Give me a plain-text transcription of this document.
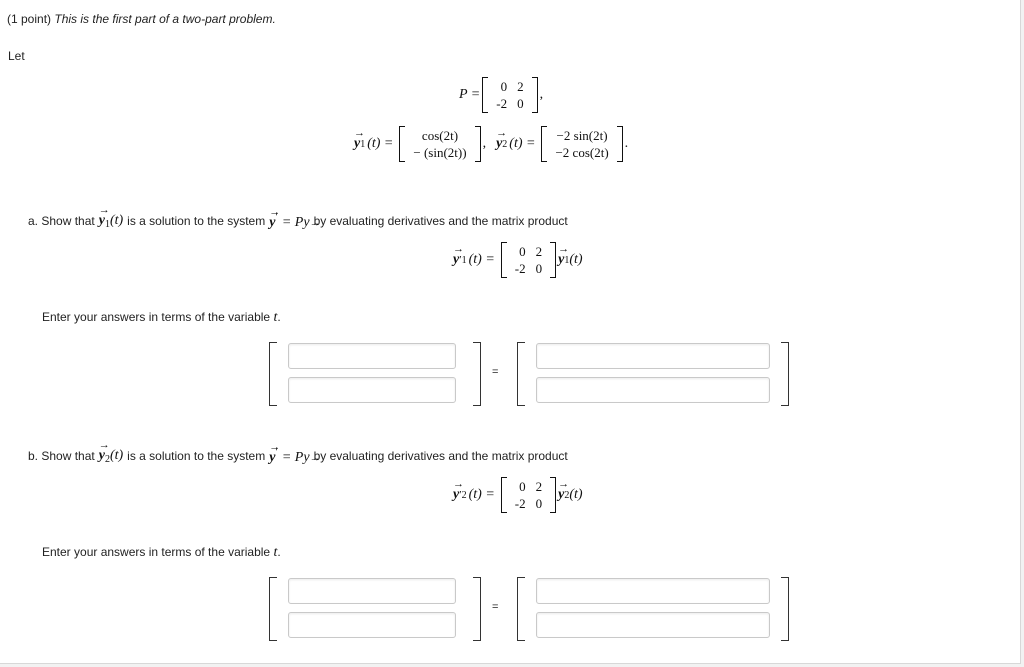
(1 point) This is the first part of a two-part problem.
Let
P =
0	2
-2	0
,
→ y 1 (t) =
cos(2t)
− (sin(2t))
, → y 2 (t) =
−2 sin(2t)
−2 cos(2t)
.
a. Show that → $y_1(t)$ is a solution to the system → y′ = Py by evaluating derivatives and the matrix product
→ y ′ 1 (t) =
0	2
-2	0
→ y 1 (t)
Enter your answers in terms of the variable t.
=
b. Show that → $y_2(t)$ is a solution to the system → y′ = Py by evaluating derivatives and the matrix product
→ y ′ 2 (t) =
0	2
-2	0
→ y 2 (t)
Enter your answers in terms of the variable t.
=
